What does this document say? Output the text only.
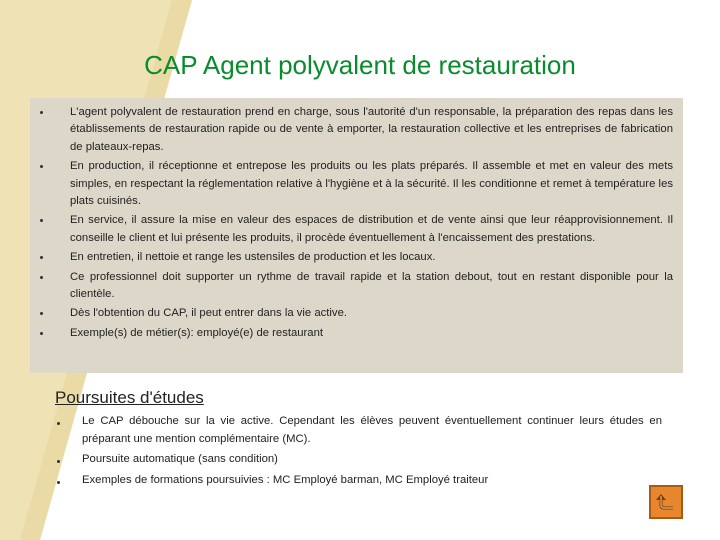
CAP Agent polyvalent de restauration
L'agent polyvalent de restauration prend en charge, sous l'autorité d'un responsable, la préparation des repas dans les établissements de restauration rapide ou de vente à emporter, la restauration collective et les entreprises de fabrication de plateaux-repas.
En production, il réceptionne et entrepose les produits ou les plats préparés. Il assemble et met en valeur des mets simples, en respectant la réglementation relative à l'hygiène et à la sécurité. Il les conditionne et remet à température les plats cuisinés.
En service, il assure la mise en valeur des espaces de distribution et de vente ainsi que leur réapprovisionnement. Il conseille le client et lui présente les produits, il procède éventuellement à l'encaissement des prestations.
En entretien, il nettoie et range les ustensiles de production et les locaux.
Ce professionnel doit supporter un rythme de travail rapide et la station debout, tout en restant disponible pour la clientèle.
Dès l'obtention du CAP, il peut entrer dans la vie active.
Exemple(s) de métier(s): employé(e) de restaurant
Poursuites d'études
Le CAP débouche sur la vie active. Cependant les élèves peuvent éventuellement continuer leurs études en préparant une mention complémentaire (MC).
Poursuite automatique (sans condition)
Exemples de formations poursuivies : MC Employé barman, MC Employé traiteur
